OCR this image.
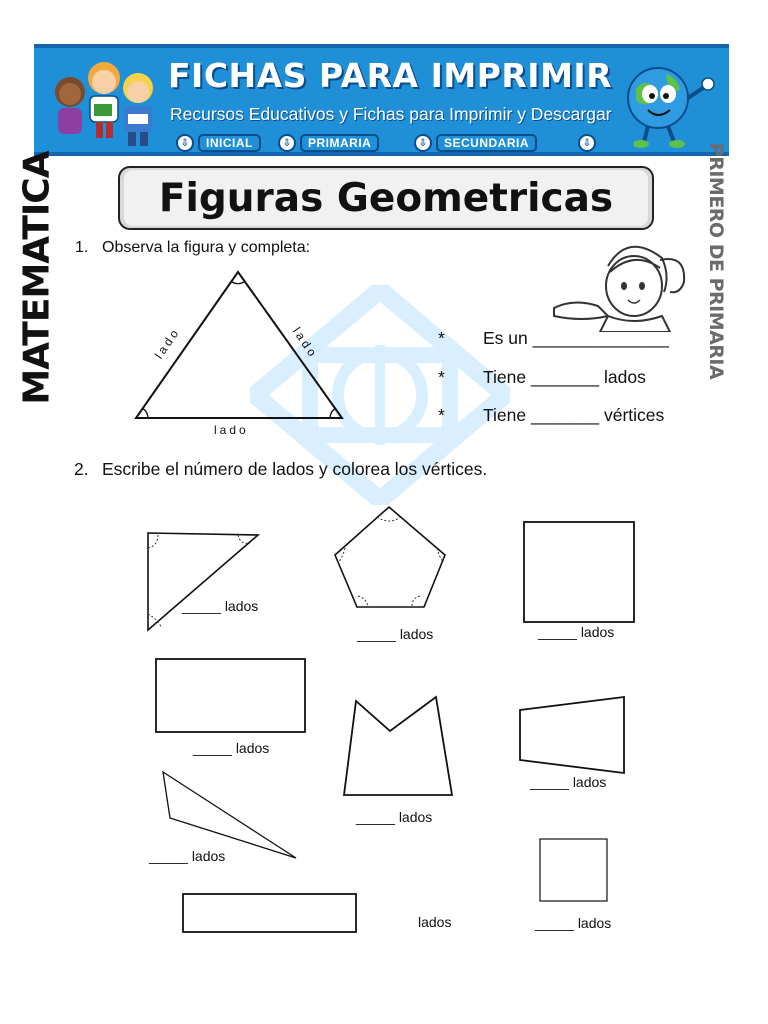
FICHAS PARA IMPRIMIR
Recursos Educativos y Fichas para Imprimir y Descargar
⇩	INICIAL	⇩	PRIMARIA	⇩	SECUNDARIA	⇩
MATEMATICA	PRIMERO DE PRIMARIA
Figuras Geometricas
1. Observa la figura y completa:
lado	lado
lado
* Es un ______________
* Tiene _______ lados
* Tiene _______ vértices
2. Escribe el número de lados y colorea los vértices.
_____ lados
_____ lados	_____ lados
_____ lados
_____ lados
_____ lados
_____ lados
lados	_____ lados
